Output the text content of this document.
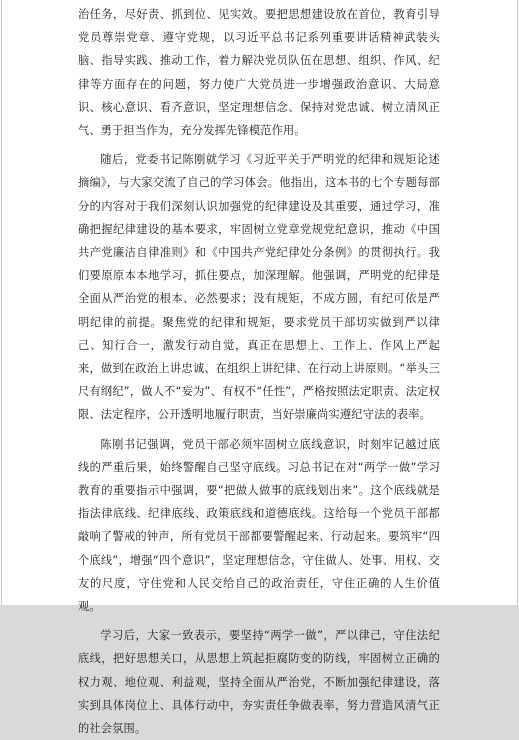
治任务，尽好责、抓到位、见实效。要把思想建设放在首位，教育引导党员尊崇党章、遵守党规，以习近平总书记系列重要讲话精神武装头脑、指导实践、推动工作，着力解决党员队伍在思想、组织、作风、纪律等方面存在的问题，努力使广大党员进一步增强政治意识、大局意识、核心意识、看齐意识，坚定理想信念、保持对党忠诚、树立清风正气、勇于担当作为，充分发挥先锋模范作用。

随后，党委书记陈刚就学习《习近平关于严明党的纪律和规矩论述摘编》，与大家交流了自己的学习体会。他指出，这本书的七个专题每部分的内容对于我们深刻认识加强党的纪律建设及其重要，通过学习，准确把握纪律建设的基本要求，牢固树立党章党规党纪意识，推动《中国共产党廉洁自律准则》和《中国共产党纪律处分条例》的贯彻执行。我们要原原本本地学习，抓住要点，加深理解。他强调，严明党的纪律是全面从严治党的根本、必然要求；没有规矩，不成方圆，有纪可依是严明纪律的前提。聚焦党的纪律和规矩，要求党员干部切实做到严以律己、知行合一，激发行动自觉，真正在思想上、工作上、作风上严起来，做到在政治上讲忠诚、在组织上讲纪律、在行动上讲原则。“举头三尺有纲纪”，做人不“妄为”、有权不“任性”，严格按照法定职责、法定权限、法定程序，公开透明地履行职责，当好崇廉尚实遵纪守法的表率。

陈刚书记强调，党员干部必须牢固树立底线意识，时刻牢记越过底线的严重后果，始终警醒自己坚守底线。习总书记在对“两学一做”学习教育的重要指示中强调，要“把做人做事的底线划出来”。这个底线就是指法律底线、纪律底线、政策底线和道德底线。这给每一个党员干部都敲响了警戒的钟声，所有党员干部都要警醒起来、行动起来。要筑牢“四个底线”，增强“四个意识”，坚定理想信念，守住做人、处事、用权、交友的尺度，守住党和人民交给自己的政治责任，守住正确的人生价值观。

学习后，大家一致表示，要坚持“两学一做”，严以律己，守住法纪底线，把好思想关口，从思想上筑起拒腐防变的防线，牢固树立正确的权力观、地位观、利益观，坚持全面从严治党，不断加强纪律建设，落实到具体岗位上、具体行动中，夯实责任争做表率，努力营造风清气正的社会氛围。
